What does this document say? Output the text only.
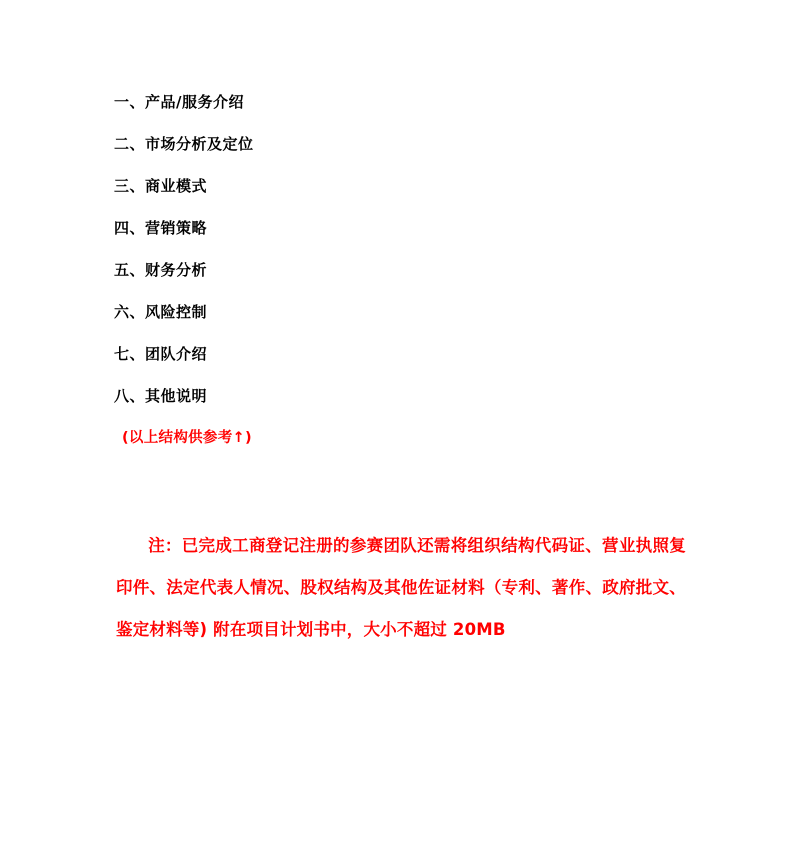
一、产品/服务介绍
二、市场分析及定位
三、商业模式
四、营销策略
五、财务分析
六、风险控制
七、团队介绍
八、其他说明
(以上结构供参考↑)
注：已完成工商登记注册的参赛团队还需将组织结构代码证、营业执照复印件、法定代表人情况、股权结构及其他佐证材料（专利、著作、政府批文、鉴定材料等) 附在项目计划书中，大小不超过 20MB
